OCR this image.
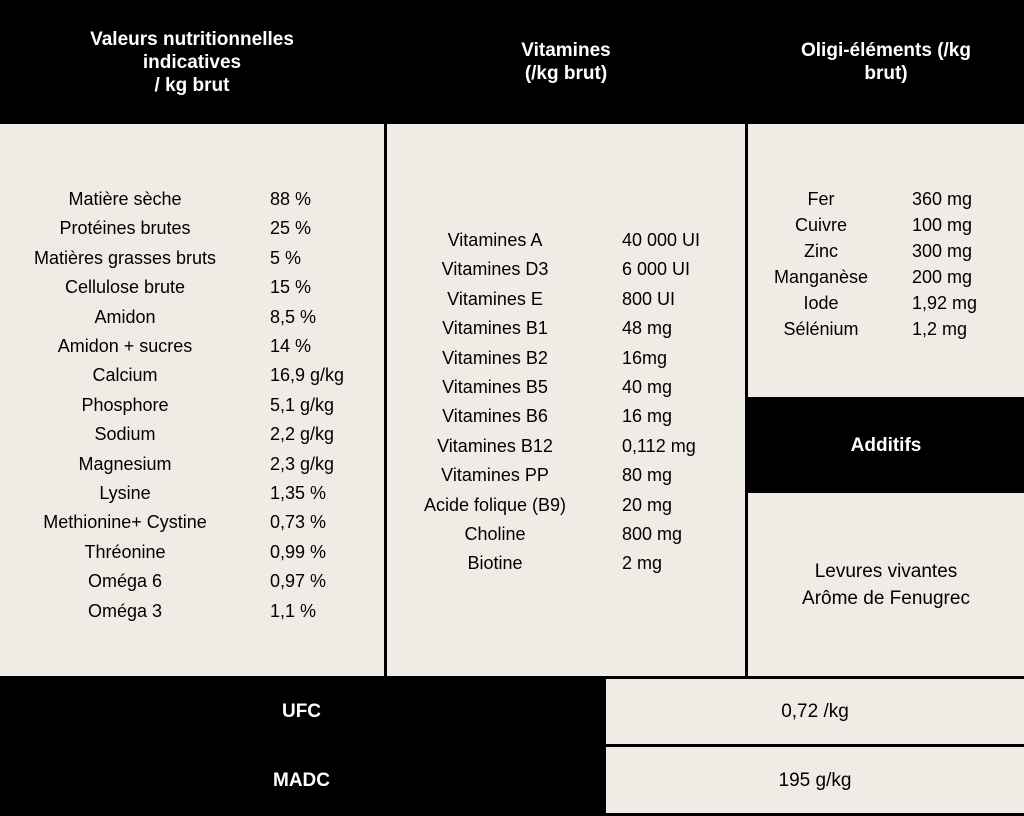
Valeurs nutritionnelles
indicatives
/ kg brut
Vitamines
(/kg brut)
Oligi-éléments (/kg
brut)
Matière sèche	88 %
Protéines brutes	25 %
Matières grasses bruts	5 %
Cellulose brute	15 %
Amidon	8,5 %
Amidon + sucres	14 %
Calcium	16,9 g/kg
Phosphore	5,1 g/kg
Sodium	2,2 g/kg
Magnesium	2,3 g/kg
Lysine	1,35 %
Methionine+ Cystine	0,73 %
Thréonine	0,99 %
Oméga 6	0,97 %
Oméga 3	1,1 %
Vitamines A	40 000 UI
Vitamines D3	6 000 UI
Vitamines E	800 UI
Vitamines B1	48 mg
Vitamines B2	16mg
Vitamines B5	40 mg
Vitamines B6	16 mg
Vitamines B12	0,112 mg
Vitamines PP	80 mg
Acide folique (B9)	20 mg
Choline	800 mg
Biotine	2 mg
Fer	360 mg
Cuivre	100 mg
Zinc	300 mg
Manganèse	200 mg
Iode	1,92 mg
Sélénium	1,2 mg
Additifs
Levures vivantes
Arôme de Fenugrec
UFC	0,72 /kg
MADC	195 g/kg
